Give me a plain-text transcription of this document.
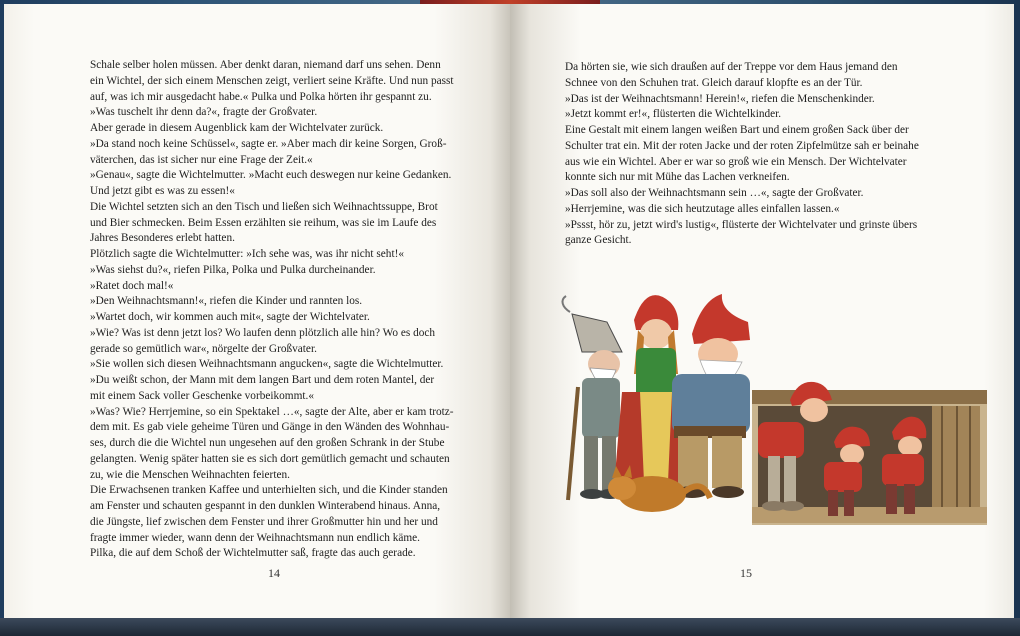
Schale selber holen müssen. Aber denkt daran, niemand darf uns sehen. Denn

ein Wichtel, der sich einem Menschen zeigt, verliert seine Kräfte. Und nun passt

auf, was ich mir ausgedacht habe.« Pulka und Polka hörten ihr gespannt zu.

»Was tuschelt ihr denn da?«, fragte der Großvater.

Aber gerade in diesem Augenblick kam der Wichtelvater zurück.

»Da stand noch keine Schüssel«, sagte er. »Aber mach dir keine Sorgen, Groß-

väterchen, das ist sicher nur eine Frage der Zeit.«

»Genau«, sagte die Wichtelmutter. »Macht euch deswegen nur keine Gedanken.

Und jetzt gibt es was zu essen!«

Die Wichtel setzten sich an den Tisch und ließen sich Weihnachtssuppe, Brot

und Bier schmecken. Beim Essen erzählten sie reihum, was sie im Laufe des

Jahres Besonderes erlebt hatten.

Plötzlich sagte die Wichtelmutter: »Ich sehe was, was ihr nicht seht!«

»Was siehst du?«, riefen Pilka, Polka und Pulka durcheinander.

»Ratet doch mal!«

»Den Weihnachtsmann!«, riefen die Kinder und rannten los.

»Wartet doch, wir kommen auch mit«, sagte der Wichtelvater.

»Wie? Was ist denn jetzt los? Wo laufen denn plötzlich alle hin? Wo es doch

gerade so gemütlich war«, nörgelte der Großvater.

»Sie wollen sich diesen Weihnachtsmann angucken«, sagte die Wichtelmutter.

»Du weißt schon, der Mann mit dem langen Bart und dem roten Mantel, der

mit einem Sack voller Geschenke vorbeikommt.«

»Was? Wie? Herrjemine, so ein Spektakel …«, sagte der Alte, aber er kam trotz-

dem mit. Es gab viele geheime Türen und Gänge in den Wänden des Wohnhau-

ses, durch die die Wichtel nun ungesehen auf den großen Schrank in der Stube

gelangten. Wenig später hatten sie es sich dort gemütlich gemacht und schauten

zu, wie die Menschen Weihnachten feierten.

Die Erwachsenen tranken Kaffee und unterhielten sich, und die Kinder standen

am Fenster und schauten gespannt in den dunklen Winterabend hinaus. Anna,

die Jüngste, lief zwischen dem Fenster und ihrer Großmutter hin und her und

fragte immer wieder, wann denn der Weihnachtsmann nun endlich käme.

Pilka, die auf dem Schoß der Wichtelmutter saß, fragte das auch gerade.

Da hörten sie, wie sich draußen auf der Treppe vor dem Haus jemand den

Schnee von den Schuhen trat. Gleich darauf klopfte es an der Tür.

»Das ist der Weihnachtsmann! Herein!«, riefen die Menschenkinder.

»Jetzt kommt er!«, flüsterten die Wichtelkinder.

Eine Gestalt mit einem langen weißen Bart und einem großen Sack über der

Schulter trat ein. Mit der roten Jacke und der roten Zipfelmütze sah er beinahe

aus wie ein Wichtel. Aber er war so groß wie ein Mensch. Der Wichtelvater

konnte sich nur mit Mühe das Lachen verkneifen.

»Das soll also der Weihnachtsmann sein …«, sagte der Großvater.

»Herrjemine, was die sich heutzutage alles einfallen lassen.«

»Pssst, hör zu, jetzt wird's lustig«, flüsterte der Wichtelvater und grinste übers

ganze Gesicht.

14	15
